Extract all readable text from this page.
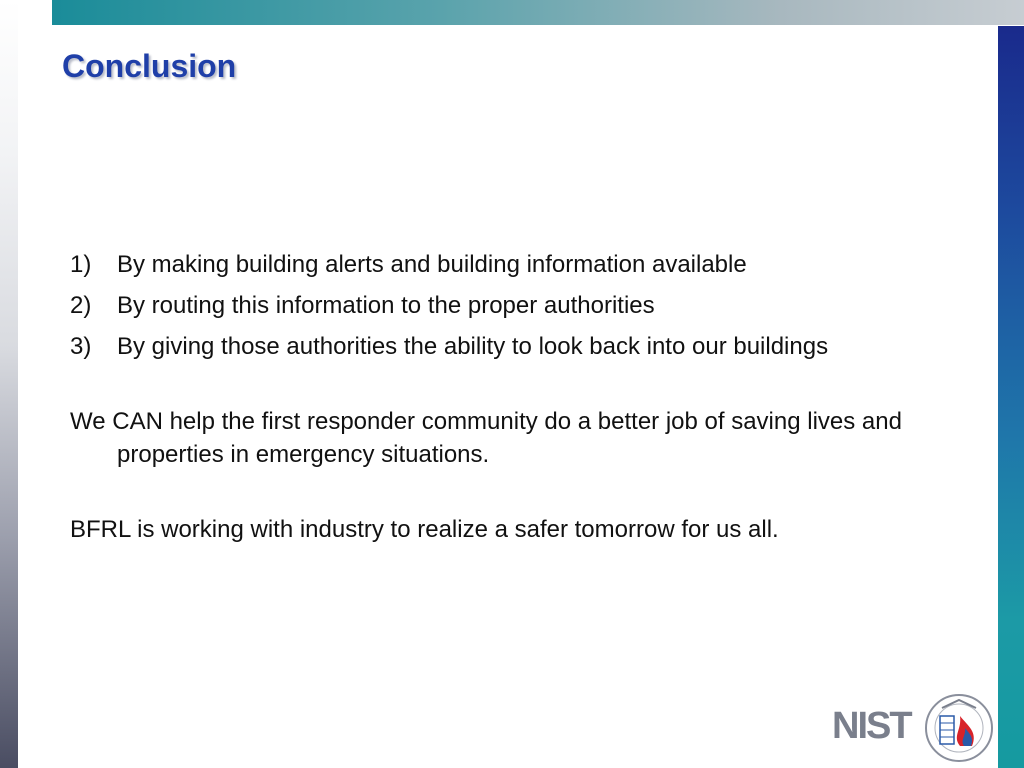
Conclusion
1)	By making building alerts and building information available
2)	By routing this information to the proper authorities
3)	By giving those authorities the ability to look back into our buildings

We CAN help the first responder community do a better job of saving lives and properties in emergency situations.

BFRL is working with industry to realize a safer tomorrow for us all.

NIST
